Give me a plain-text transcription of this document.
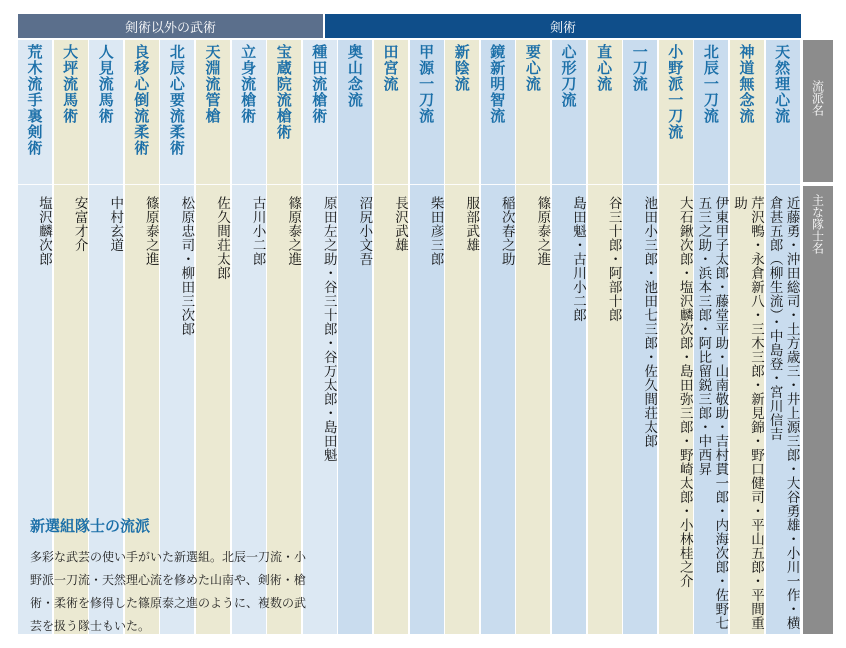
剣術以外の武術	剣術
荒木流手裏剣術
塩沢麟次郎
大坪流馬術
安富才介
人見流馬術
中村玄道
良移心倒流柔術
篠原泰之進
北辰心要流柔術
松原忠司・柳田三次郎
天淵流管槍
佐久間荘太郎
立身流槍術
古川小二郎
宝蔵院流槍術
篠原泰之進
種田流槍術
原田左之助・谷三十郎・谷万太郎・島田魁
奥山念流
沼尻小文吾
田宮流
長沢武雄
甲源一刀流
柴田彦三郎
新陰流
服部武雄
鏡新明智流
稲次春之助
要心流
篠原泰之進
心形刀流
島田魁・古川小二郎
直心流
谷三十郎・阿部十郎
一刀流
池田小三郎・池田七三郎・佐久間荘太郎
小野派一刀流
大石鍬次郎・塩沢麟次郎・島田弥三郎・野崎太郎・小林桂之介
北辰一刀流
伊東甲子太郎・藤堂平助・山南敬助・吉村貫一郎・内海次郎・佐野七五三之助・浜本三郎・阿比留鋭三郎・中西昇
神道無念流
芹沢鴨・永倉新八・三木三郎・新見錦・野口健司・平山五郎・平間重助
天然理心流
近藤勇・沖田総司・土方歳三・井上源三郎・大谷勇雄・小川一作・横倉甚五郎（柳生流）・中島登・宮川信吉
流派名
主な隊士名
新選組隊士の流派

多彩な武芸の使い手がいた新選組。北辰一刀流・小野派一刀流・天然理心流を修めた山南や、剣術・槍術・柔術を修得した篠原泰之進のように、複数の武芸を扱う隊士もいた。
